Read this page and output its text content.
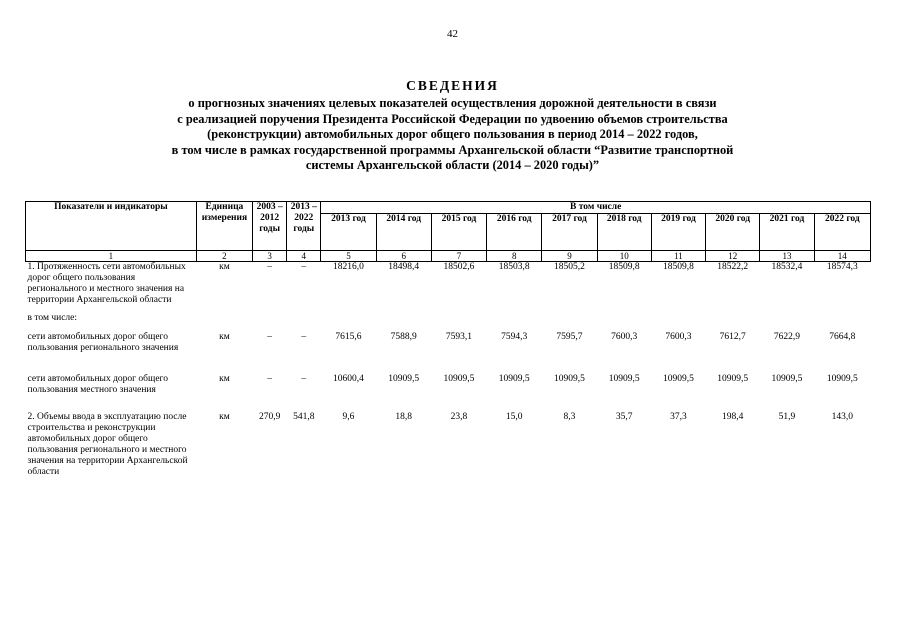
42
СВЕДЕНИЯ
о прогнозных значениях целевых показателей осуществления дорожной деятельности в связи
с реализацией поручения Президента Российской Федерации по удвоению объемов строительства
(реконструкции) автомобильных дорог общего пользования в период 2014 – 2022 годов,
в том числе в рамках государственной программы Архангельской области “Развитие транспортной
системы Архангельской области (2014 – 2020 годы)”
Показатели и индикаторы	Единица измерения	2003 – 2012 годы	2013 – 2022 годы	В том числе									
				2013 год	2014 год	2015 год	2016 год	2017 год	2018 год	2019 год	2020 год	2021 год	2022 год
1	2	3	4	5	6	7	8	9	10	11	12	13	14
1. Протяженность сети автомобильных дорог общего пользования регионального и местного значения на территории Архангельской области	км	–	–	18216,0	18498,4	18502,6	18503,8	18505,2	18509,8	18509,8	18522,2	18532,4	18574,3
в том числе:													
сети автомобильных дорог общего пользования регионального значения	км	–	–	7615,6	7588,9	7593,1	7594,3	7595,7	7600,3	7600,3	7612,7	7622,9	7664,8

сети автомобильных дорог общего пользования местного значения	км	–	–	10600,4	10909,5	10909,5	10909,5	10909,5	10909,5	10909,5	10909,5	10909,5	10909,5

2. Объемы ввода в эксплуатацию после строительства и реконструкции автомобильных дорог общего пользования регионального и местного значения на территории Архангельской области	км	270,9	541,8	9,6	18,8	23,8	15,0	8,3	35,7	37,3	198,4	51,9	143,0
